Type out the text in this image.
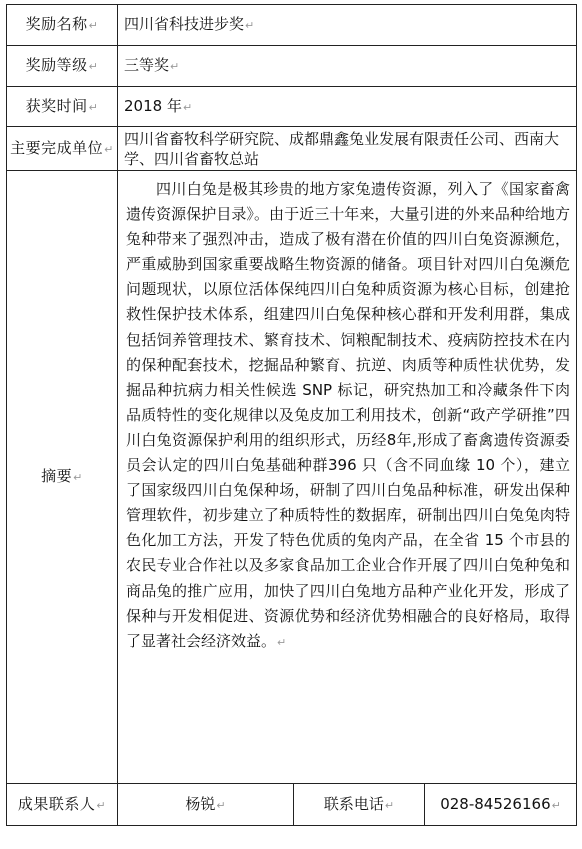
奖励名称↵	四川省科技进步奖↵		
奖励等级↵	三等奖↵		
获奖时间↵	2018 年↵		
主要完成单位↵	四川省畜牧科学研究院、成都鼎鑫兔业发展有限责任公司、西南大学、四川省畜牧总站		
摘要↵	四川白兔是极其珍贵的地方家兔遗传资源，列入了《国家畜禽遗传资源保护目录》。由于近三十年来，大量引进的外来品种给地方兔种带来了强烈冲击，造成了极有潜在价值的四川白兔资源濒危，严重威胁到国家重要战略生物资源的储备。项目针对四川白兔濒危问题现状，以原位活体保纯四川白兔种质资源为核心目标，创建抢救性保护技术体系，组建四川白兔保种核心群和开发利用群，集成包括饲养管理技术、繁育技术、饲粮配制技术、疫病防控技术在内的保种配套技术，挖掘品种繁育、抗逆、肉质等种质性状优势，发掘品种抗病力相关性候选 SNP 标记，研究热加工和冷藏条件下肉品质特性的变化规律以及兔皮加工利用技术，创新“政产学研推”四川白兔资源保护利用的组织形式，历经8年,形成了畜禽遗传资源委员会认定的四川白兔基础种群396 只（含不同血缘 10 个），建立了国家级四川白兔保种场，研制了四川白兔品种标准，研发出保种管理软件，初步建立了种质特性的数据库，研制出四川白兔兔肉特色化加工方法，开发了特色优质的兔肉产品，在全省 15 个市县的农民专业合作社以及多家食品加工企业合作开展了四川白兔种兔和商品兔的推广应用，加快了四川白兔地方品种产业化开发，形成了保种与开发相促进、资源优势和经济优势相融合的良好格局，取得了显著社会经济效益。↵		

成果联系人↵	杨锐↵	联系电话↵	028-84526166↵
